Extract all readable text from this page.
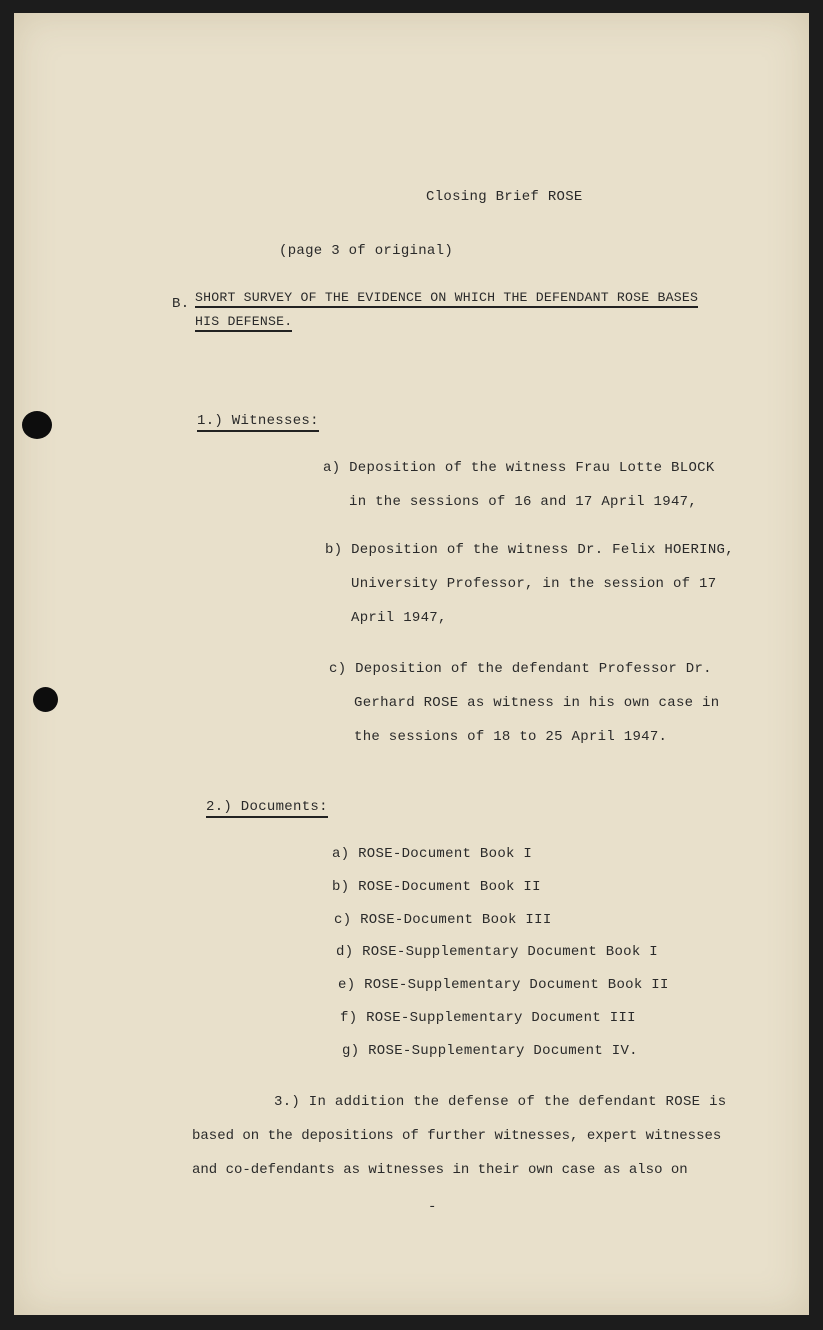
Closing Brief ROSE
(page 3 of original)
B. SHORT SURVEY OF THE EVIDENCE ON WHICH THE DEFENDANT ROSE BASES
HIS DEFENSE.
1.) Witnesses:
a) Deposition of the witness Frau Lotte BLOCK
in the sessions of 16 and 17 April 1947,
b) Deposition of the witness Dr. Felix HOERING,
University Professor, in the session of 17
April 1947,
c) Deposition of the defendant Professor Dr.
Gerhard ROSE as witness in his own case in
the sessions of 18 to 25 April 1947.
2.) Documents:
a) ROSE-Document Book I
b) ROSE-Document Book II
c) ROSE-Document Book III
d) ROSE-Supplementary Document Book I
e) ROSE-Supplementary Document Book II
f) ROSE-Supplementary Document III
g) ROSE-Supplementary Document IV.
3.) In addition the defense of the defendant ROSE is
based on the depositions of further witnesses, expert witnesses
and co-defendants as witnesses in their own case as also on
-
